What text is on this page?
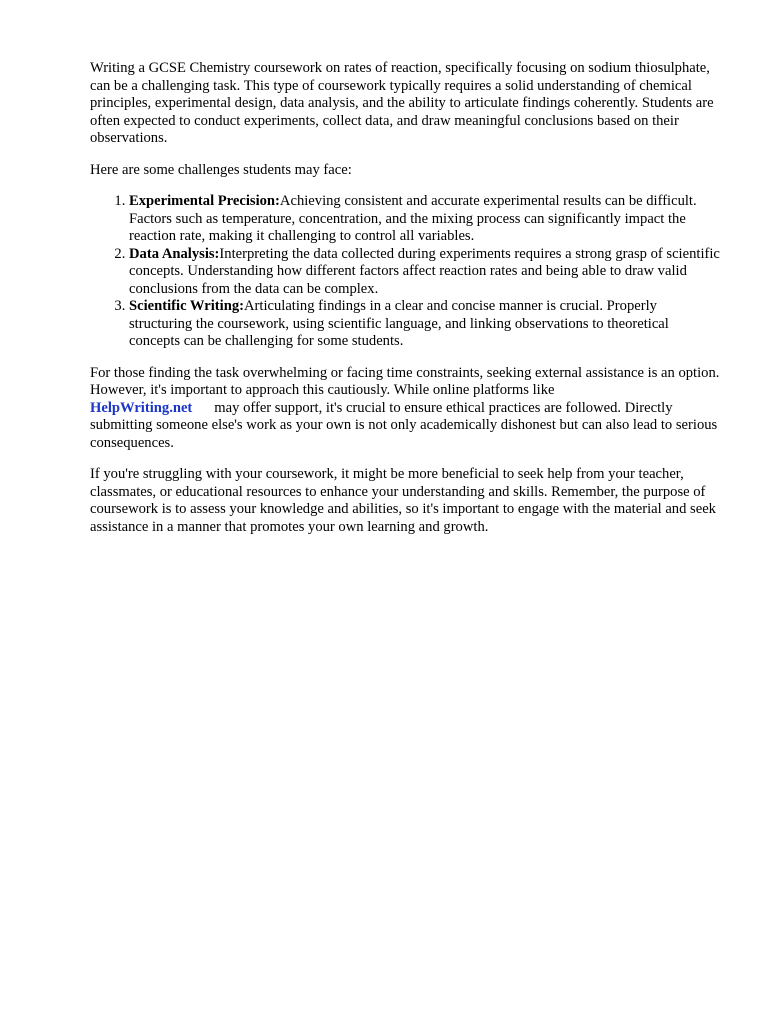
Writing a GCSE Chemistry coursework on rates of reaction, specifically focusing on sodium thiosulphate, can be a challenging task. This type of coursework typically requires a solid understanding of chemical principles, experimental design, data analysis, and the ability to articulate findings coherently. Students are often expected to conduct experiments, collect data, and draw meaningful conclusions based on their observations.

Here are some challenges students may face:

1. Experimental Precision:Achieving consistent and accurate experimental results can be difficult. Factors such as temperature, concentration, and the mixing process can significantly impact the reaction rate, making it challenging to control all variables.
2. Data Analysis:Interpreting the data collected during experiments requires a strong grasp of scientific concepts. Understanding how different factors affect reaction rates and being able to draw valid conclusions from the data can be complex.
3. Scientific Writing:Articulating findings in a clear and concise manner is crucial. Properly structuring the coursework, using scientific language, and linking observations to theoretical concepts can be challenging for some students.

For those finding the task overwhelming or facing time constraints, seeking external assistance is an option. However, it's important to approach this cautiously. While online platforms like
HelpWriting.net may offer support, it's crucial to ensure ethical practices are followed. Directly submitting someone else's work as your own is not only academically dishonest but can also lead to serious consequences.

If you're struggling with your coursework, it might be more beneficial to seek help from your teacher, classmates, or educational resources to enhance your understanding and skills. Remember, the purpose of coursework is to assess your knowledge and abilities, so it's important to engage with the material and seek assistance in a manner that promotes your own learning and growth.
